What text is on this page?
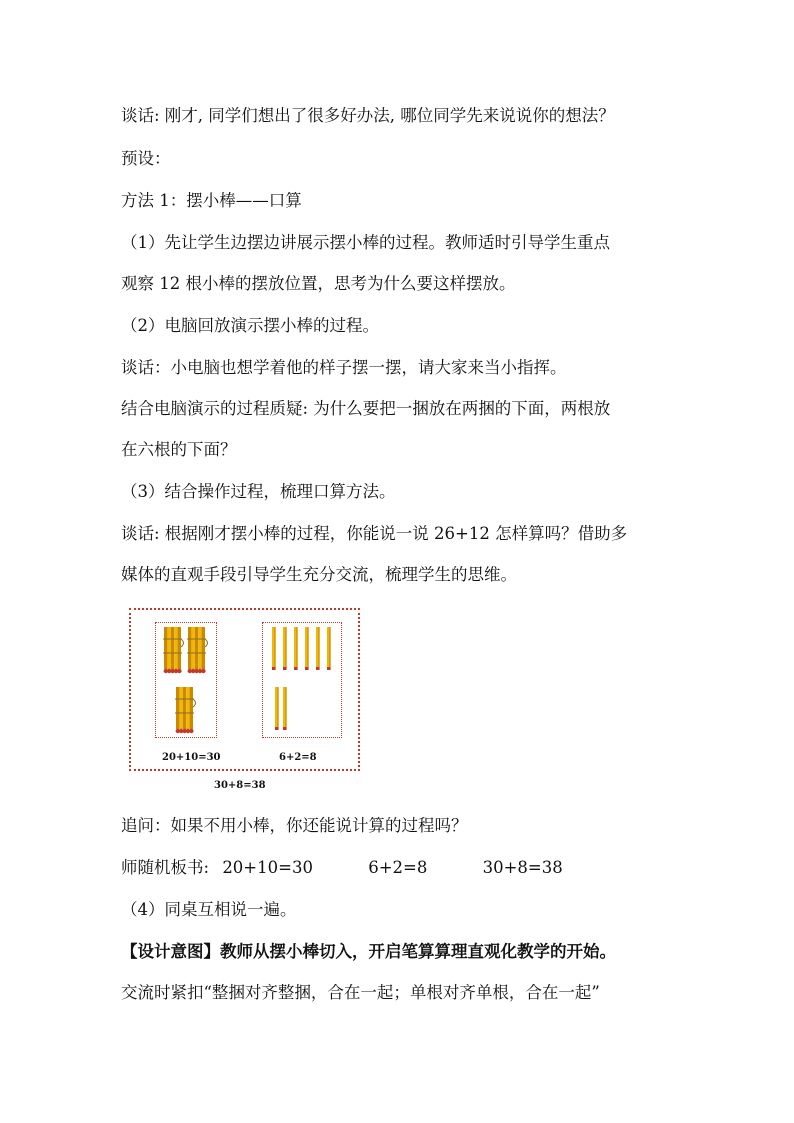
谈话: 刚才, 同学们想出了很多好办法, 哪位同学先来说说你的想法？
预设：
方法 1：摆小棒——口算
（1）先让学生边摆边讲展示摆小棒的过程。教师适时引导学生重点
观察 12 根小棒的摆放位置，思考为什么要这样摆放。
（2）电脑回放演示摆小棒的过程。
谈话：小电脑也想学着他的样子摆一摆，请大家来当小指挥。
结合电脑演示的过程质疑: 为什么要把一捆放在两捆的下面，两根放
在六根的下面？
（3）结合操作过程，梳理口算方法。
谈话: 根据刚才摆小棒的过程，你能说一说 26+12 怎样算吗？借助多
媒体的直观手段引导学生充分交流，梳理学生的思维。
20+10=30	6+2=8
30+8=38
追问：如果不用小棒，你还能说计算的过程吗？
师随机板书: 20+10=30	6+2=8	30+8=38
（4）同桌互相说一遍。
【设计意图】教师从摆小棒切入，开启笔算算理直观化教学的开始。
交流时紧扣“整捆对齐整捆，合在一起；单根对齐单根，合在一起”
